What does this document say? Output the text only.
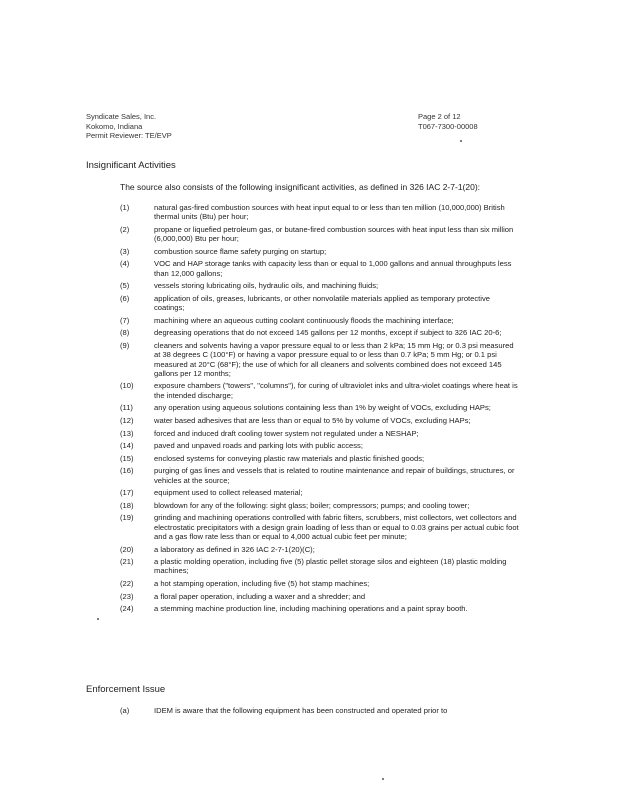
Syndicate Sales, Inc.
Kokomo, Indiana
Permit Reviewer: TE/EVP
Page 2 of 12
T067-7300-00008
Insignificant Activities
The source also consists of the following insignificant activities, as defined in 326 IAC 2-7-1(20):
(1)	natural gas-fired combustion sources with heat input equal to or less than ten million (10,000,000) British thermal units (Btu) per hour;
(2)	propane or liquefied petroleum gas, or butane-fired combustion sources with heat input less than six million (6,000,000) Btu per hour;
(3)	combustion source flame safety purging on startup;
(4)	VOC and HAP storage tanks with capacity less than or equal to 1,000 gallons and annual throughputs less than 12,000 gallons;
(5)	vessels storing lubricating oils, hydraulic oils, and machining fluids;
(6)	application of oils, greases, lubricants, or other nonvolatile materials applied as temporary protective coatings;
(7)	machining where an aqueous cutting coolant continuously floods the machining interface;
(8)	degreasing operations that do not exceed 145 gallons per 12 months, except if subject to 326 IAC 20-6;
(9)	cleaners and solvents having a vapor pressure equal to or less than 2 kPa; 15 mm Hg; or 0.3 psi measured at 38 degrees C (100°F) or having a vapor pressure equal to or less than 0.7 kPa; 5 mm Hg; or 0.1 psi measured at 20°C (68°F); the use of which for all cleaners and solvents combined does not exceed 145 gallons per 12 months;
(10)	exposure chambers ("towers", "columns"), for curing of ultraviolet inks and ultra-violet coatings where heat is the intended discharge;
(11)	any operation using aqueous solutions containing less than 1% by weight of VOCs, excluding HAPs;
(12)	water based adhesives that are less than or equal to 5% by volume of VOCs, excluding HAPs;
(13)	forced and induced draft cooling tower system not regulated under a NESHAP;
(14)	paved and unpaved roads and parking lots with public access;
(15)	enclosed systems for conveying plastic raw materials and plastic finished goods;
(16)	purging of gas lines and vessels that is related to routine maintenance and repair of buildings, structures, or vehicles at the source;
(17)	equipment used to collect released material;
(18)	blowdown for any of the following: sight glass; boiler; compressors; pumps; and cooling tower;
(19)	grinding and machining operations controlled with fabric filters, scrubbers, mist collectors, wet collectors and electrostatic precipitators with a design grain loading of less than or equal to 0.03 grains per actual cubic foot and a gas flow rate less than or equal to 4,000 actual cubic feet per minute;
(20)	a laboratory as defined in 326 IAC 2-7-1(20)(C);
(21)	a plastic molding operation, including five (5) plastic pellet storage silos and eighteen (18) plastic molding machines;
(22)	a hot stamping operation, including five (5) hot stamp machines;
(23)	a floral paper operation, including a waxer and a shredder; and
(24)	a stemming machine production line, including machining operations and a paint spray booth.
Enforcement Issue
(a)	IDEM is aware that the following equipment has been constructed and operated prior to
